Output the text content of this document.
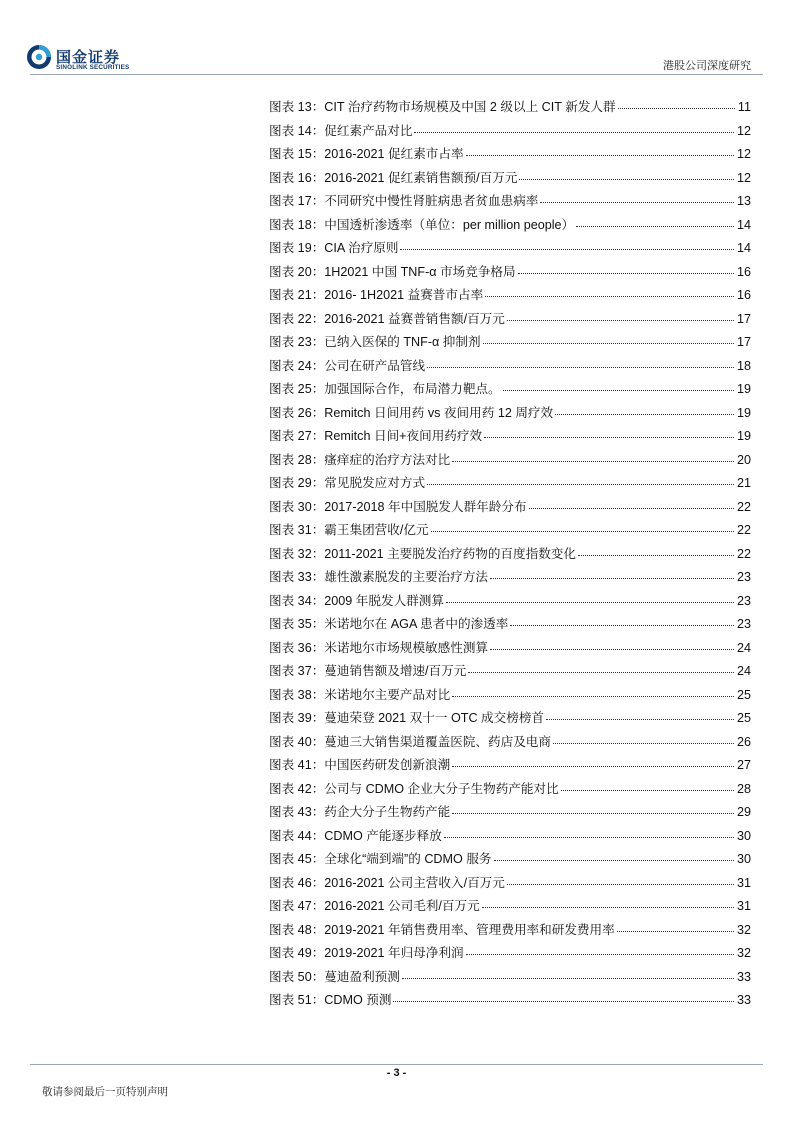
国金证券
SINOLINK SECURITIES	港股公司深度研究
图表 13： CIT 治疗药物市场规模及中国 2 级以上 CIT 新发人群	11
图表 14： 促红素产品对比	12
图表 15： 2016-2021 促红素市占率	12
图表 16： 2016-2021 促红素销售额预/百万元	12
图表 17： 不同研究中慢性肾脏病患者贫血患病率	13
图表 18： 中国透析渗透率（单位：per million people）	14
图表 19： CIA 治疗原则	14
图表 20： 1H2021 中国 TNF-α 市场竞争格局	16
图表 21： 2016- 1H2021 益赛普市占率	16
图表 22： 2016-2021 益赛普销售额/百万元	17
图表 23： 已纳入医保的 TNF-α 抑制剂	17
图表 24： 公司在研产品管线	18
图表 25： 加强国际合作，布局潜力靶点。	19
图表 26： Remitch 日间用药 vs 夜间用药 12 周疗效	19
图表 27： Remitch 日间+夜间用药疗效	19
图表 28： 瘙痒症的治疗方法对比	20
图表 29： 常见脱发应对方式	21
图表 30： 2017-2018 年中国脱发人群年龄分布	22
图表 31： 霸王集团营收/亿元	22
图表 32： 2011-2021 主要脱发治疗药物的百度指数变化	22
图表 33： 雄性激素脱发的主要治疗方法	23
图表 34： 2009 年脱发人群测算	23
图表 35： 米诺地尔在 AGA 患者中的渗透率	23
图表 36： 米诺地尔市场规模敏感性测算	24
图表 37： 蔓迪销售额及增速/百万元	24
图表 38： 米诺地尔主要产品对比	25
图表 39： 蔓迪荣登 2021 双十一 OTC 成交榜榜首	25
图表 40： 蔓迪三大销售渠道覆盖医院、药店及电商	26
图表 41： 中国医药研发创新浪潮	27
图表 42： 公司与 CDMO 企业大分子生物药产能对比	28
图表 43： 药企大分子生物药产能	29
图表 44： CDMO 产能逐步释放	30
图表 45： 全球化“端到端”的 CDMO 服务	30
图表 46： 2016-2021 公司主营收入/百万元	31
图表 47： 2016-2021 公司毛利/百万元	31
图表 48： 2019-2021 年销售费用率、管理费用率和研发费用率	32
图表 49： 2019-2021 年归母净利润	32
图表 50： 蔓迪盈利预测	33
图表 51： CDMO 预测	33
- 3 -
敬请参阅最后一页特别声明
